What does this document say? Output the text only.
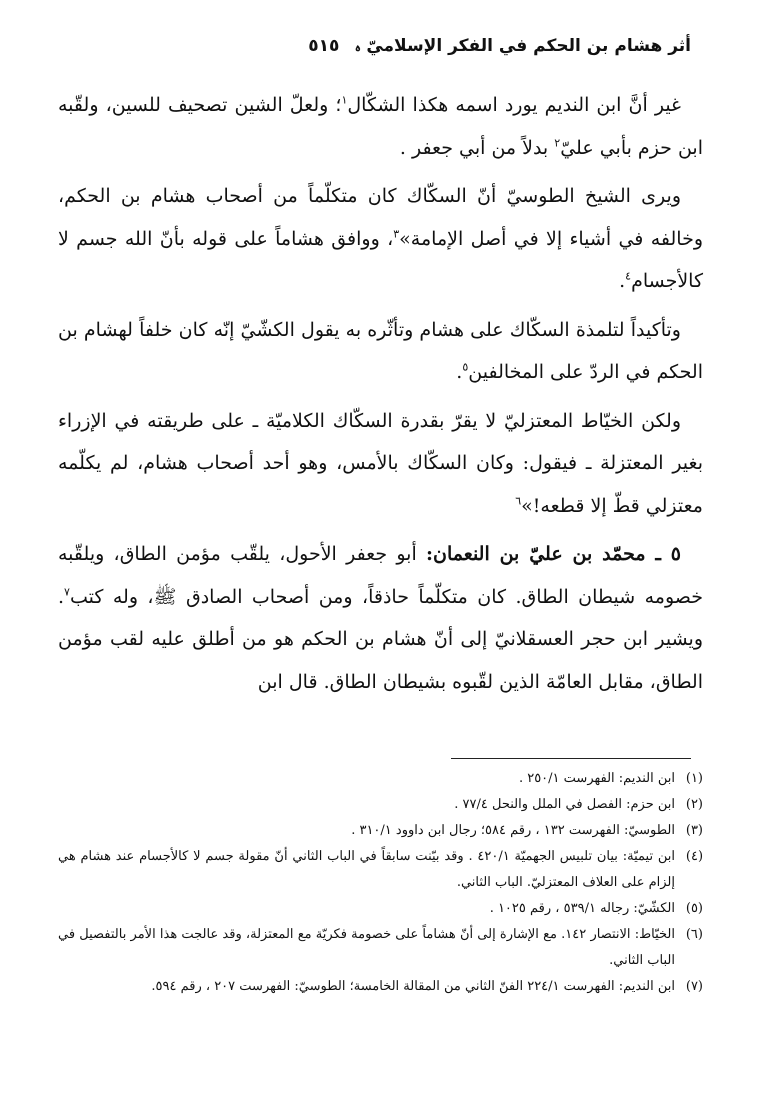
أثر هشام بن الحكم في الفكر الإسلاميّ ﮦ ٥١٥

غير أنَّ ابن النديم يورد اسمه هكذا الشكّال$^١$؛ ولعلّ الشين تصحيف للسين، ولقّبه ابن حزم بأبي عليّ$^٢$ بدلاً من أبي جعفر .

ويرى الشيخ الطوسيّ أنّ السكّاك كان متكلّماً من أصحاب هشام بن الحكم، وخالفه في أشياء إلا في أصل الإمامة»$^٣$، ووافق هشاماً على قوله بأنّ الله جسم لا كالأجسام$^٤$.

وتأكيداً لتلمذة السكّاك على هشام وتأثّره به يقول الكشّيّ إنّه كان خلفاً لهشام بن الحكم في الردّ على المخالفين$^٥$.

ولكن الخيّاط المعتزليّ لا يقرّ بقدرة السكّاك الكلاميّة ـ على طريقته في الإزراء بغير المعتزلة ـ فيقول: وكان السكّاك بالأمس، وهو أحد أصحاب هشام، لم يكلّمه معتزلي قطّ إلا قطعه!»$^٦$

٥ ـ محمّد بن عليّ بن النعمان: أبو جعفر الأحول، يلقّب مؤمن الطاق، ويلقّبه خصومه شيطان الطاق. كان متكلّماً حاذقاً، ومن أصحاب الصادق ﷺ، وله كتب$^٧$. ويشير ابن حجر العسقلانيّ إلى أنّ هشام بن الحكم هو من أطلق عليه لقب مؤمن الطاق، مقابل العامّة الذين لقّبوه بشيطان الطاق. قال ابن

(١)ابن النديم: الفهرست ٢٥٠/١ .

(٢)ابن حزم: الفصل في الملل والنحل ٧٧/٤ .

(٣)الطوسيّ: الفهرست ١٣٢ ، رقم ٥٨٤؛ رجال ابن داوود ٣١٠/١ .

(٤)ابن تيميّة: بيان تلبيس الجهميّة ٤٢٠/١ . وقد بيّنت سابقاً في الباب الثاني أنّ مقولة جسم لا كالأجسام عند هشام هي إلزام على العلاف المعتزليّ. الباب الثاني.

(٥)الكشّيّ: رجاله ٥٣٩/١ ، رقم ١٠٢٥ .

(٦)الخيّاط: الانتصار ١٤٢. مع الإشارة إلى أنّ هشاماً على خصومة فكريّة مع المعتزلة، وقد عالجت هذا الأمر بالتفصيل في الباب الثاني.

(٧)ابن النديم: الفهرست ٢٢٤/١ الفنّ الثاني من المقالة الخامسة؛ الطوسيّ: الفهرست ٢٠٧ ، رقم ٥٩٤.
